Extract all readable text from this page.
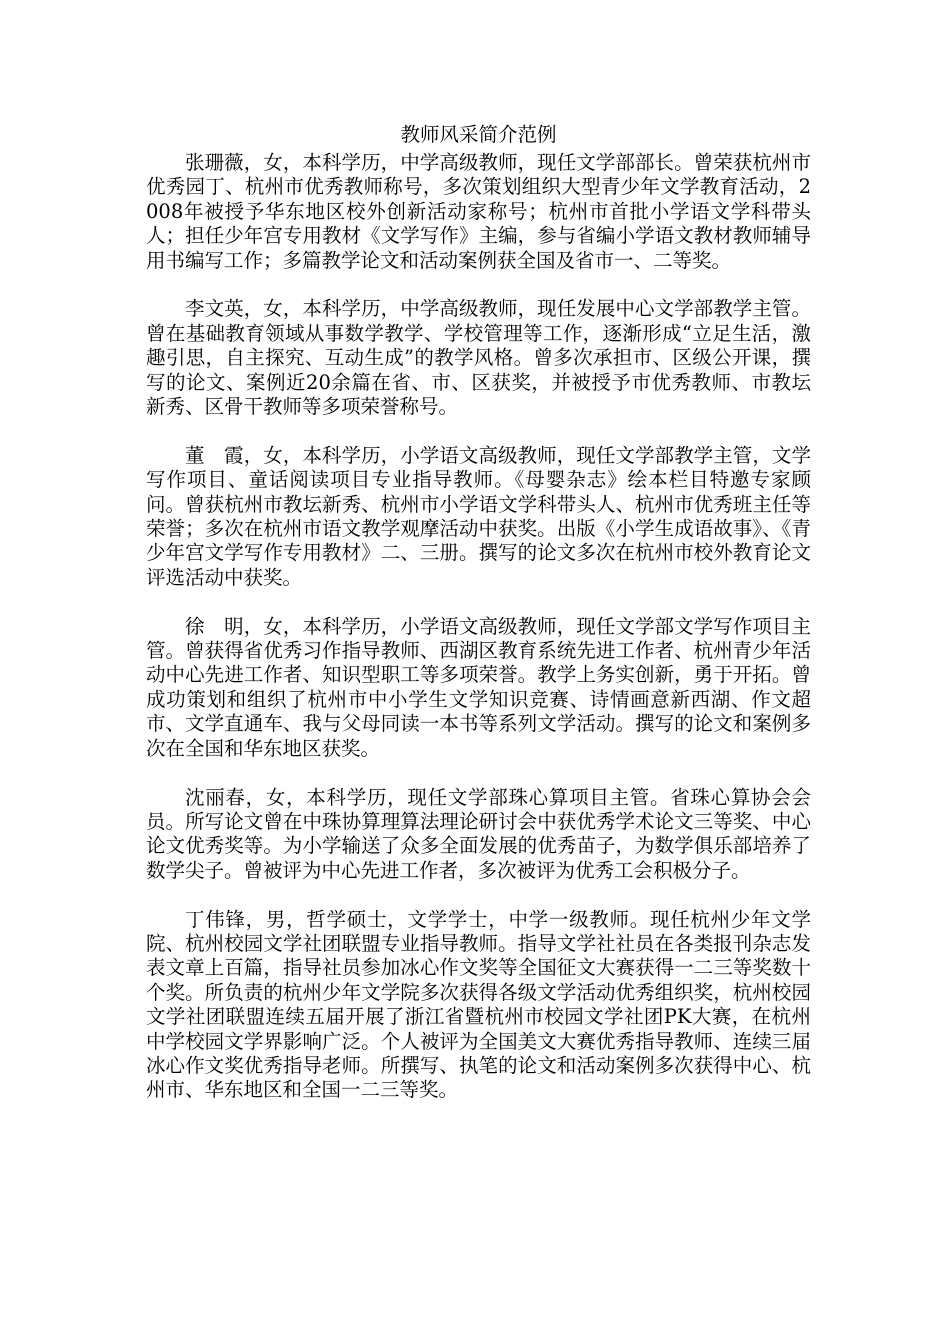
教师风采简介范例

张珊薇，女，本科学历，中学高级教师，现任文学部部长。曾荣获杭州市优秀园丁、杭州市优秀教师称号，多次策划组织大型青少年文学教育活动，2008年被授予华东地区校外创新活动家称号；杭州市首批小学语文学科带头人；担任少年宫专用教材《文学写作》主编，参与省编小学语文教材教师辅导用书编写工作；多篇教学论文和活动案例获全国及省市一、二等奖。

李文英，女，本科学历，中学高级教师，现任发展中心文学部教学主管。曾在基础教育领域从事数学教学、学校管理等工作，逐渐形成“立足生活，激趣引思，自主探究、互动生成”的教学风格。曾多次承担市、区级公开课，撰写的论文、案例近20余篇在省、市、区获奖，并被授予市优秀教师、市教坛新秀、区骨干教师等多项荣誉称号。

董　霞，女，本科学历，小学语文高级教师，现任文学部教学主管，文学写作项目、童话阅读项目专业指导教师。《母婴杂志》绘本栏目特邀专家顾问。曾获杭州市教坛新秀、杭州市小学语文学科带头人、杭州市优秀班主任等荣誉；多次在杭州市语文教学观摩活动中获奖。出版《小学生成语故事》、《青少年宫文学写作专用教材》二、三册。撰写的论文多次在杭州市校外教育论文评选活动中获奖。

徐　明，女，本科学历，小学语文高级教师，现任文学部文学写作项目主管。曾获得省优秀习作指导教师、西湖区教育系统先进工作者、杭州青少年活动中心先进工作者、知识型职工等多项荣誉。教学上务实创新，勇于开拓。曾成功策划和组织了杭州市中小学生文学知识竞赛、诗情画意新西湖、作文超市、文学直通车、我与父母同读一本书等系列文学活动。撰写的论文和案例多次在全国和华东地区获奖。

沈丽春，女，本科学历，现任文学部珠心算项目主管。省珠心算协会会员。所写论文曾在中珠协算理算法理论研讨会中获优秀学术论文三等奖、中心论文优秀奖等。为小学输送了众多全面发展的优秀苗子，为数学俱乐部培养了数学尖子。曾被评为中心先进工作者，多次被评为优秀工会积极分子。

丁伟锋，男，哲学硕士，文学学士，中学一级教师。现任杭州少年文学院、杭州校园文学社团联盟专业指导教师。指导文学社社员在各类报刊杂志发表文章上百篇，指导社员参加冰心作文奖等全国征文大赛获得一二三等奖数十个奖。所负责的杭州少年文学院多次获得各级文学活动优秀组织奖，杭州校园文学社团联盟连续五届开展了浙江省暨杭州市校园文学社团PK大赛，在杭州中学校园文学界影响广泛。个人被评为全国美文大赛优秀指导教师、连续三届冰心作文奖优秀指导老师。所撰写、执笔的论文和活动案例多次获得中心、杭州市、华东地区和全国一二三等奖。
